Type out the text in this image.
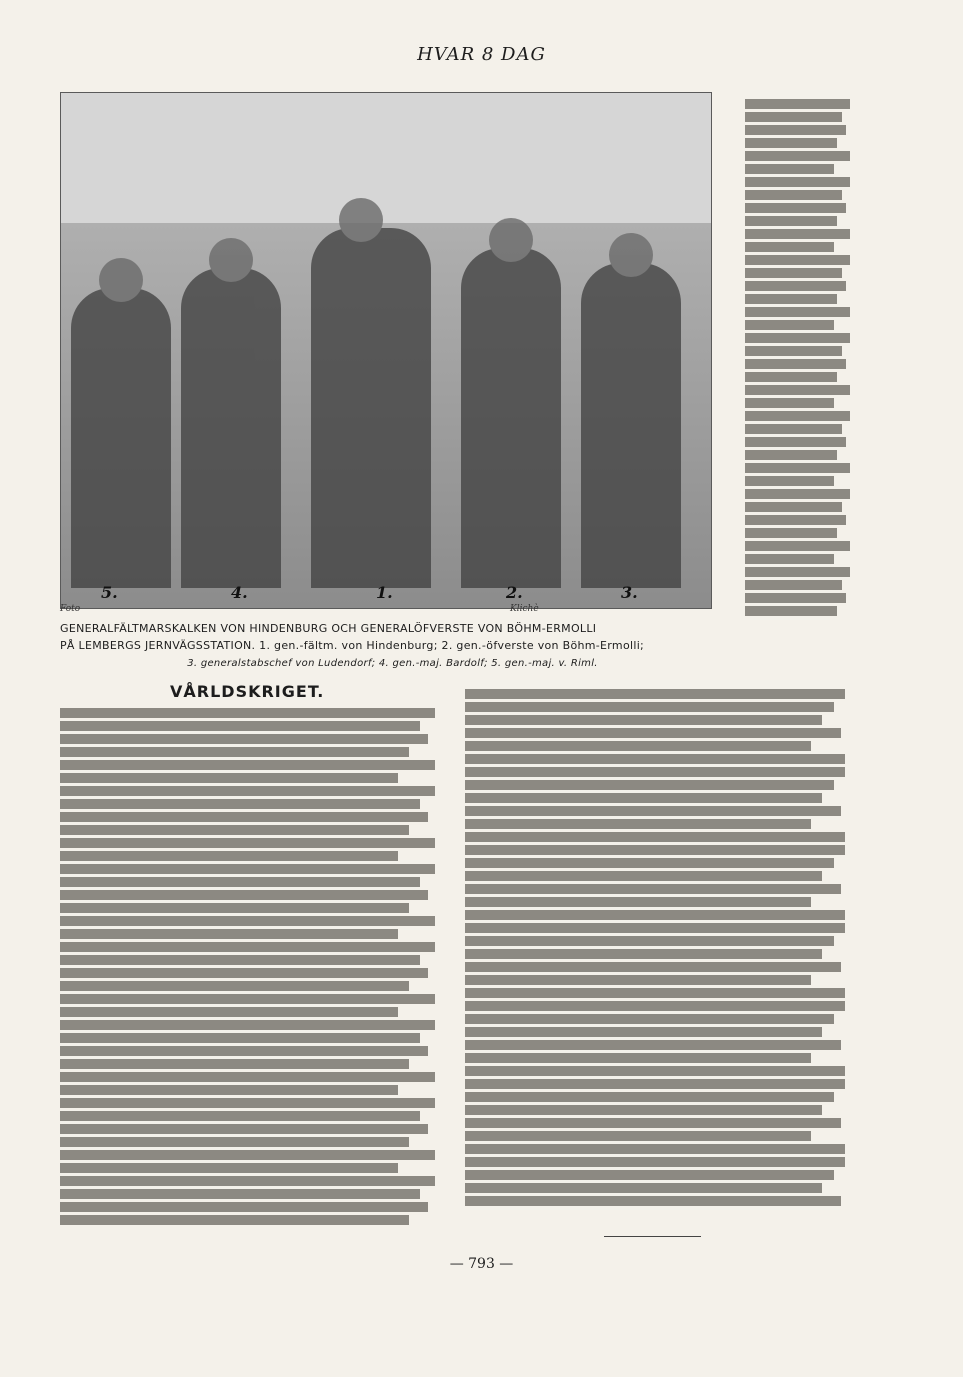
HVAR 8 DAG
5.	4.	1.	2.	3.
Foto	Klichè
GENERALFÄLTMARSKALKEN VON HINDENBURG OCH GENERALÖFVERSTE VON BÖHM-ERMOLLI
PÅ LEMBERGS JERNVÄGSSTATION. 1. gen.-fältm. von Hindenburg; 2. gen.-öfverste von Böhm-Ermolli;
3. generalstabschef von Ludendorf; 4. gen.-maj. Bardolf; 5. gen.-maj. v. Riml.
VÅRLDSKRIGET.
— 793 —
